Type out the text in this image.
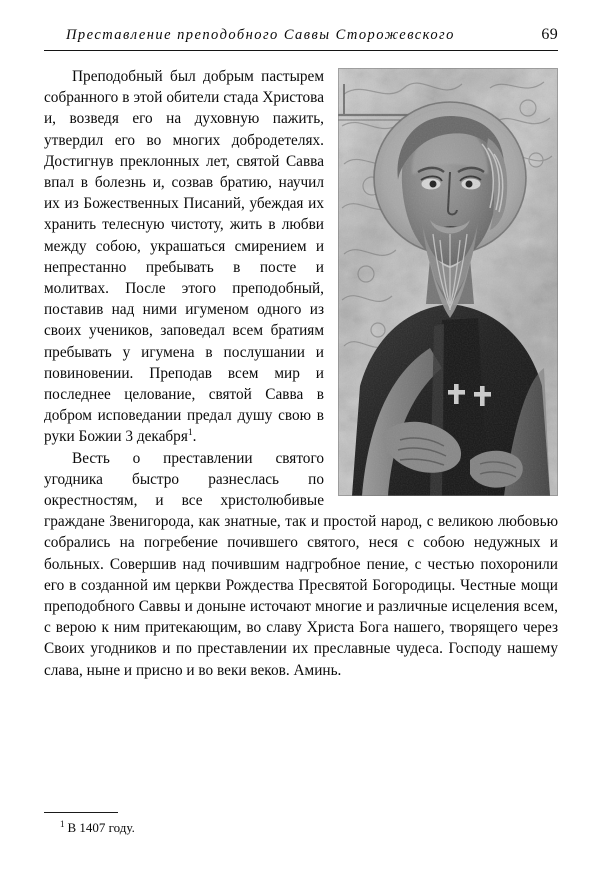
Преставление преподобного Саввы Сторожевского	69

Преподобный был добрым пастырем собранного в этой обители стада Христова и, возведя его на духовную пажить, утвердил его во многих добродетелях. Достигнув преклонных лет, святой Савва впал в болезнь и, созвав братию, научил их из Божественных Писаний, убеждая их хранить телесную чистоту, жить в любви между собою, украшаться смирением и непрестанно пребывать в посте и молитвах. После этого преподобный, поставив над ними игуменом одного из своих учеников, заповедал всем братиям пребывать у игумена в послушании и повиновении. Преподав всем мир и последнее целование, святой Савва в добром исповедании предал душу свою в руки Божии 3 декабря$^1$.

Весть о преставлении святого угодника быстро разнеслась по окрестностям, и все христолюбивые граждане Звенигорода, как знатные, так и простой народ, с великою любовью собрались на погребение почившего святого, неся с собою недужных и больных. Совершив над почившим надгробное пение, с честью похоронили его в созданной им церкви Рождества Пресвятой Богородицы. Честные мощи преподобного Саввы и доныне источают многие и различные исцеления всем, с верою к ним притекающим, во славу Христа Бога нашего, творящего через Своих угодников и по преставлении их преславные чудеса. Господу нашему слава, ныне и присно и во веки веков. Аминь.

$^1$ В 1407 году.
